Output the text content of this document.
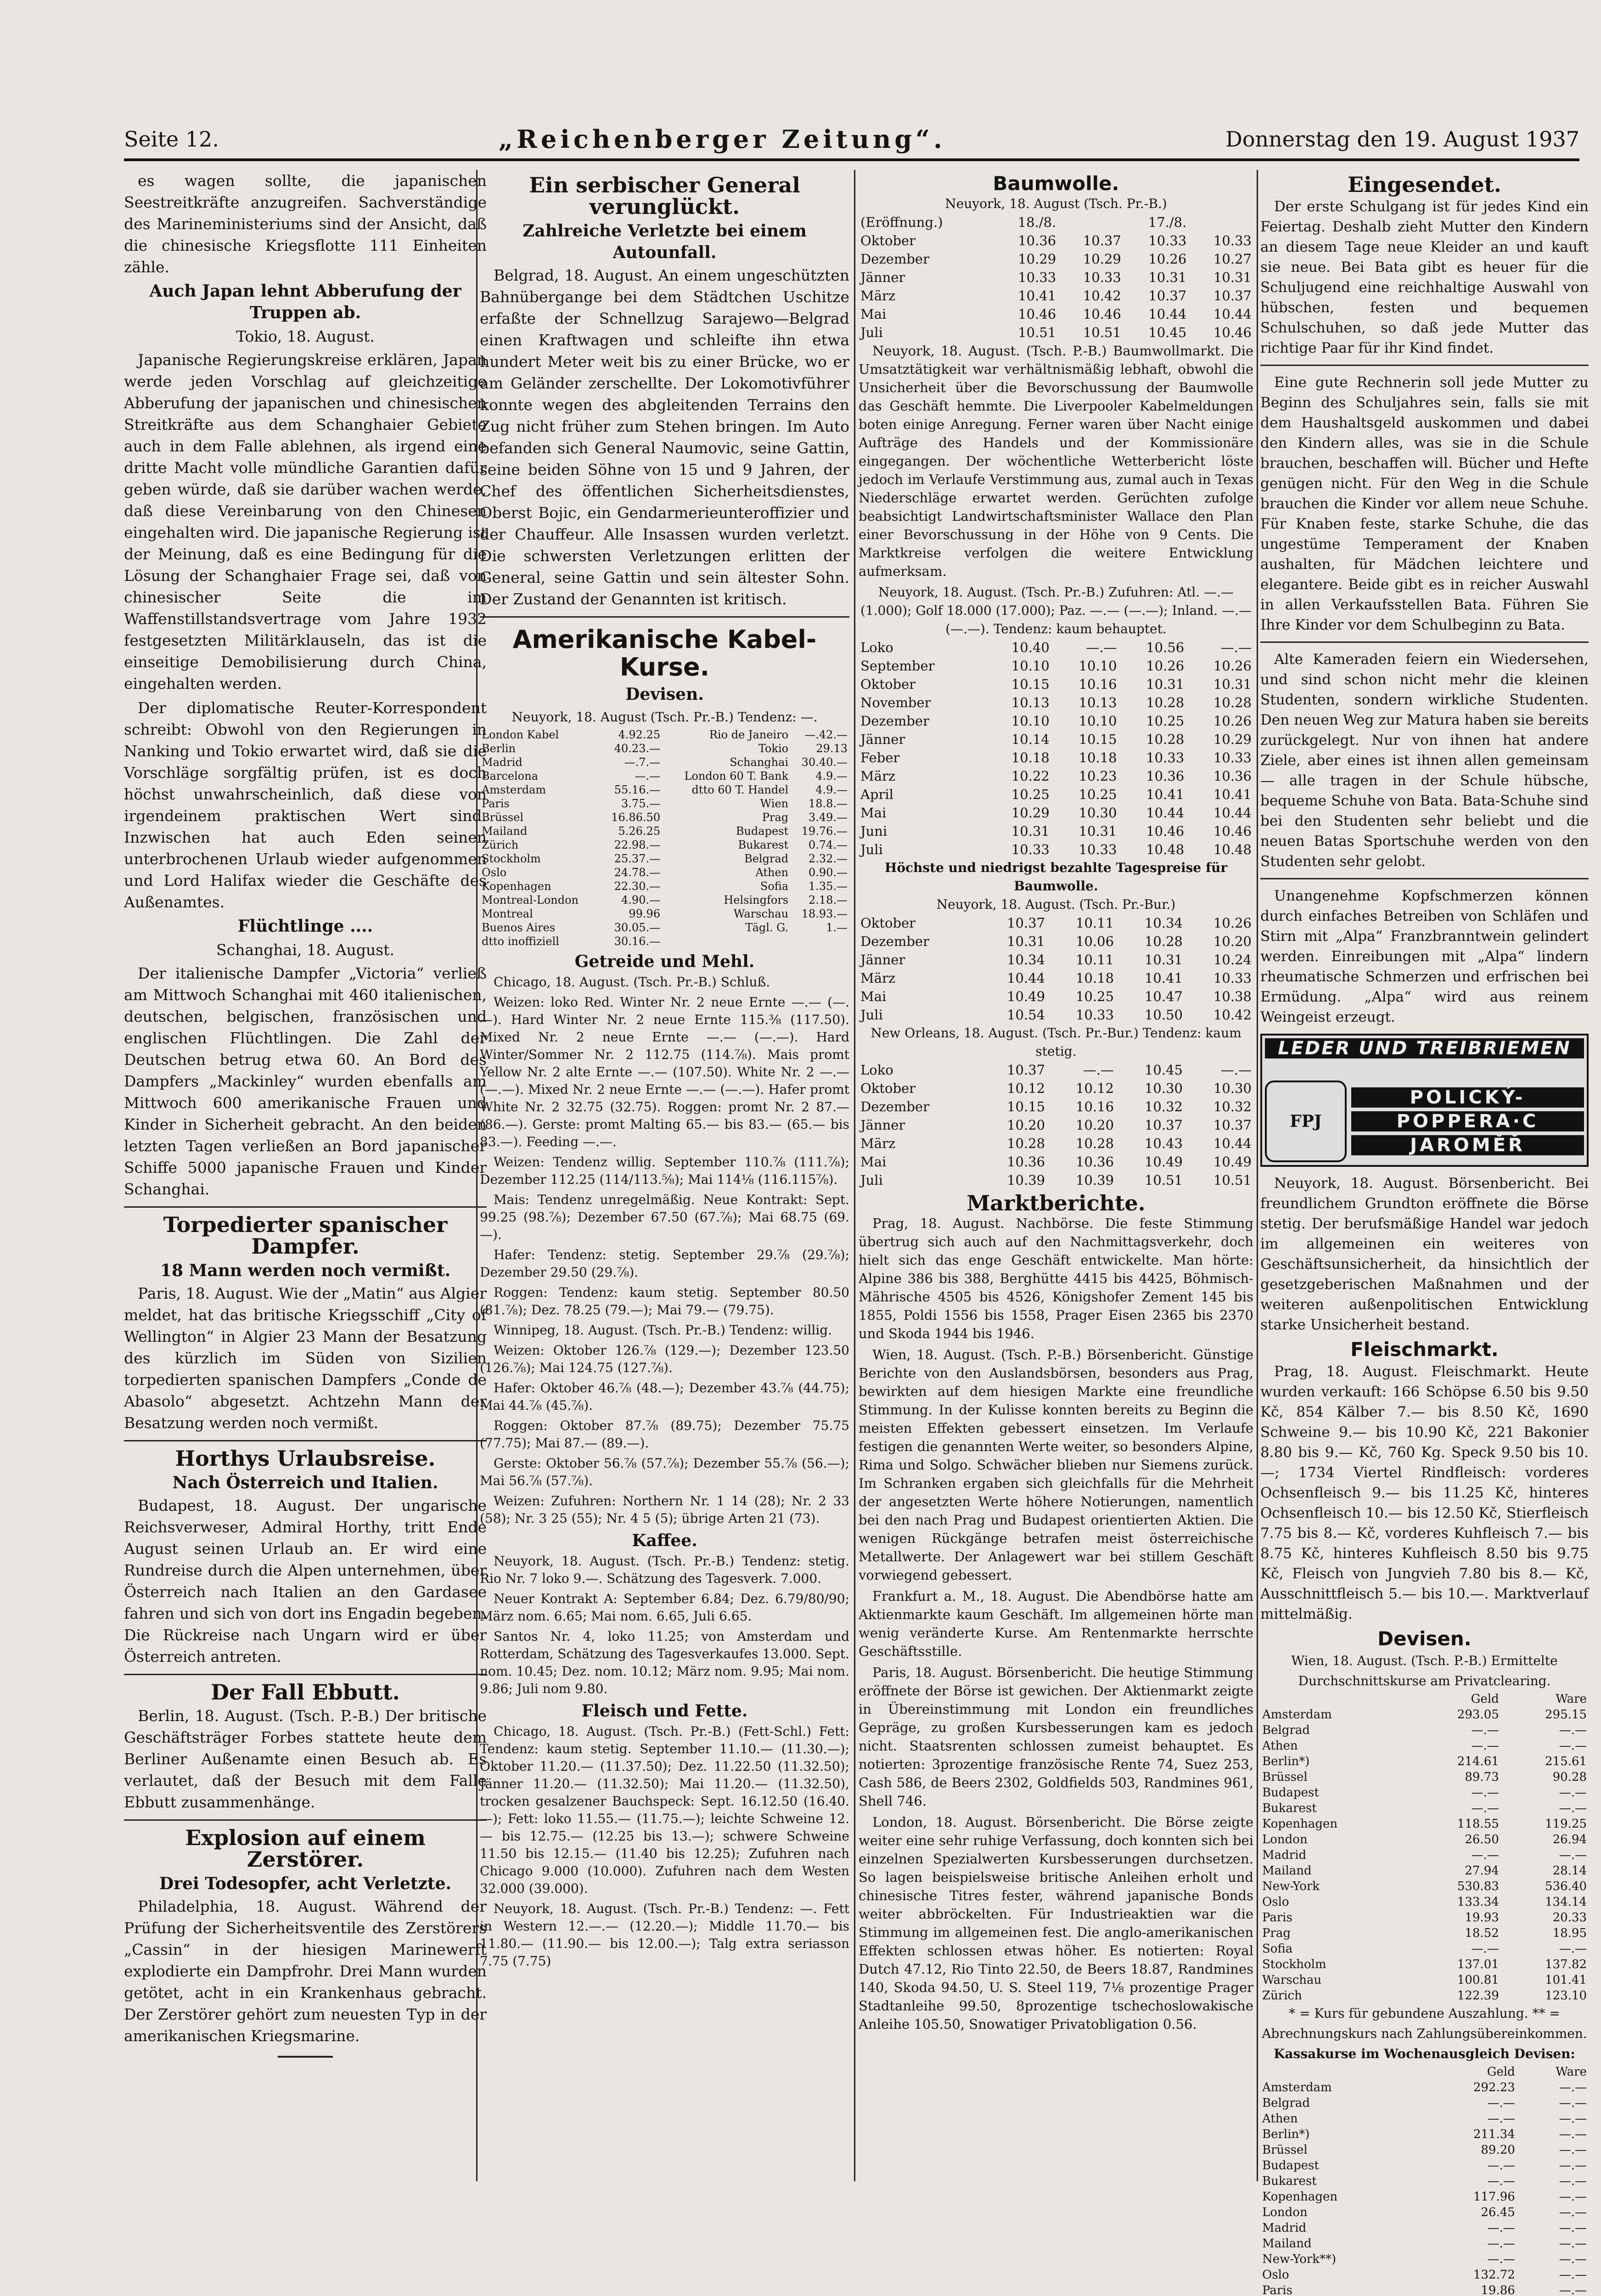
Seite 12.	„Reichenberger Zeitung“.	Donnerstag den 19. August 1937

es wagen sollte, die japanischen Seestreitkräfte anzugreifen. Sachverständige des Marineministeriums sind der Ansicht, daß die chinesische Kriegsflotte 111 Einheiten zähle.

Auch Japan lehnt Abberufung der Truppen ab.
Tokio, 18. August.

Japanische Regierungskreise erklären, Japan werde jeden Vorschlag auf gleichzeitige Abberufung der japanischen und chinesischen Streitkräfte aus dem Schanghaier Gebiete auch in dem Falle ablehnen, als irgend eine dritte Macht volle mündliche Garantien dafür geben würde, daß sie darüber wachen werde, daß diese Vereinbarung von den Chinesen eingehalten wird. Die japanische Regierung ist der Meinung, daß es eine Bedingung für die Lösung der Schanghaier Frage sei, daß von chinesischer Seite die im Waffenstillstandsvertrage vom Jahre 1932 festgesetzten Militärklauseln, das ist die einseitige Demobilisierung durch China, eingehalten werden.

Der diplomatische Reuter-Korrespondent schreibt: Obwohl von den Regierungen in Nanking und Tokio erwartet wird, daß sie die Vorschläge sorgfältig prüfen, ist es doch höchst unwahrscheinlich, daß diese von irgendeinem praktischen Wert sind. Inzwischen hat auch Eden seinen unterbrochenen Urlaub wieder aufgenommen und Lord Halifax wieder die Geschäfte des Außenamtes.

Flüchtlinge ....
Schanghai, 18. August.

Der italienische Dampfer „Victoria“ verließ am Mittwoch Schanghai mit 460 italienischen, deutschen, belgischen, französischen und englischen Flüchtlingen. Die Zahl der Deutschen betrug etwa 60. An Bord des Dampfers „Mackinley“ wurden ebenfalls am Mittwoch 600 amerikanische Frauen und Kinder in Sicherheit gebracht. An den beiden letzten Tagen verließen an Bord japanischer Schiffe 5000 japanische Frauen und Kinder Schanghai.

Torpedierter spanischer Dampfer.
18 Mann werden noch vermißt.

Paris, 18. August. Wie der „Matin“ aus Algier meldet, hat das britische Kriegsschiff „City of Wellington“ in Algier 23 Mann der Besatzung des kürzlich im Süden von Sizilien torpedierten spanischen Dampfers „Conde de Abasolo“ abgesetzt. Achtzehn Mann der Besatzung werden noch vermißt.

Horthys Urlaubsreise.
Nach Österreich und Italien.

Budapest, 18. August. Der ungarische Reichsverweser, Admiral Horthy, tritt Ende August seinen Urlaub an. Er wird eine Rundreise durch die Alpen unternehmen, über Österreich nach Italien an den Gardasee fahren und sich von dort ins Engadin begeben. Die Rückreise nach Ungarn wird er über Österreich antreten.

Der Fall Ebbutt.

Berlin, 18. August. (Tsch. P.-B.) Der britische Geschäftsträger Forbes stattete heute dem Berliner Außenamte einen Besuch ab. Es verlautet, daß der Besuch mit dem Falle Ebbutt zusammenhänge.

Explosion auf einem Zerstörer.
Drei Todesopfer, acht Verletzte.

Philadelphia, 18. August. Während der Prüfung der Sicherheitsventile des Zerstörers „Cassin“ in der hiesigen Marinewerft explodierte ein Dampfrohr. Drei Mann wurden getötet, acht in ein Krankenhaus gebracht. Der Zerstörer gehört zum neuesten Typ in der amerikanischen Kriegsmarine.

Ein serbischer General verunglückt.
Zahlreiche Verletzte bei einem Autounfall.

Belgrad, 18. August. An einem ungeschützten Bahnübergange bei dem Städtchen Uschitze erfaßte der Schnellzug Sarajewo—Belgrad einen Kraftwagen und schleifte ihn etwa hundert Meter weit bis zu einer Brücke, wo er am Geländer zerschellte. Der Lokomotivführer konnte wegen des abgleitenden Terrains den Zug nicht früher zum Stehen bringen. Im Auto befanden sich General Naumovic, seine Gattin, seine beiden Söhne von 15 und 9 Jahren, der Chef des öffentlichen Sicherheitsdienstes, Oberst Bojic, ein Gendarmerieunteroffizier und der Chauffeur. Alle Insassen wurden verletzt. Die schwersten Verletzungen erlitten der General, seine Gattin und sein ältester Sohn. Der Zustand der Genannten ist kritisch.

Amerikanische Kabel-Kurse.
Devisen.
Neuyork, 18. August (Tsch. Pr.-B.) Tendenz: —.
London Kabel	4.92.25	Rio de Janeiro	—.42.—
Berlin	40.23.—	Tokio	29.13
Madrid	—.7.—	Schanghai	30.40.—
Barcelona	—.—	London 60 T. Bank	4.9.—
Amsterdam	55.16.—	dtto 60 T. Handel	4.9.—
Paris	3.75.—	Wien	18.8.—
Brüssel	16.86.50	Prag	3.49.—
Mailand	5.26.25	Budapest	19.76.—
Zürich	22.98.—	Bukarest	0.74.—
Stockholm	25.37.—	Belgrad	2.32.—
Oslo	24.78.—	Athen	0.90.—
Kopenhagen	22.30.—	Sofia	1.35.—
Montreal-London	4.90.—	Helsingfors	2.18.—
Montreal	99.96	Warschau	18.93.—
Buenos Aires	30.05.—	Tägl. G.	1.—
dtto inoffiziell	30.16.—		
Getreide und Mehl.

Chicago, 18. August. (Tsch. Pr.-B.) Schluß.

Weizen: loko Red. Winter Nr. 2 neue Ernte —.— (—.—). Hard Winter Nr. 2 neue Ernte 115.⅜ (117.50). Mixed Nr. 2 neue Ernte —.— (—.—). Hard Winter/Sommer Nr. 2 112.75 (114.⅞). Mais promt Yellow Nr. 2 alte Ernte —.— (107.50). White Nr. 2 —.— (—.—). Mixed Nr. 2 neue Ernte —.— (—.—). Hafer promt White Nr. 2 32.75 (32.75). Roggen: promt Nr. 2 87.— (86.—). Gerste: promt Malting 65.— bis 83.— (65.— bis 83.—). Feeding —.—.

Weizen: Tendenz willig. September 110.⅞ (111.⅞); Dezember 112.25 (114/113.⅝); Mai 114⅛ (116.115⅞).

Mais: Tendenz unregelmäßig. Neue Kontrakt: Sept. 99.25 (98.⅞); Dezember 67.50 (67.⅞); Mai 68.75 (69.—).

Hafer: Tendenz: stetig. September 29.⅞ (29.⅞); Dezember 29.50 (29.⅞).

Roggen: Tendenz: kaum stetig. September 80.50 (81.⅞); Dez. 78.25 (79.—); Mai 79.— (79.75).

Winnipeg, 18. August. (Tsch. Pr.-B.) Tendenz: willig.

Weizen: Oktober 126.⅞ (129.—); Dezember 123.50 (126.⅞); Mai 124.75 (127.⅞).

Hafer: Oktober 46.⅞ (48.—); Dezember 43.⅞ (44.75); Mai 44.⅞ (45.⅞).

Roggen: Oktober 87.⅞ (89.75); Dezember 75.75 (77.75); Mai 87.— (89.—).

Gerste: Oktober 56.⅞ (57.⅞); Dezember 55.⅞ (56.—); Mai 56.⅞ (57.⅞).

Weizen: Zufuhren: Northern Nr. 1 14 (28); Nr. 2 33 (58); Nr. 3 25 (55); Nr. 4 5 (5); übrige Arten 21 (73).

Kaffee.

Neuyork, 18. August. (Tsch. Pr.-B.) Tendenz: stetig. Rio Nr. 7 loko 9.—. Schätzung des Tagesverk. 7.000.

Neuer Kontrakt A: September 6.84; Dez. 6.79/80/90; März nom. 6.65; Mai nom. 6.65, Juli 6.65.

Santos Nr. 4, loko 11.25; von Amsterdam und Rotterdam, Schätzung des Tagesverkaufes 13.000. Sept. nom. 10.45; Dez. nom. 10.12; März nom. 9.95; Mai nom. 9.86; Juli nom 9.80.

Fleisch und Fette.

Chicago, 18. August. (Tsch. Pr.-B.) (Fett-Schl.) Fett: Tendenz: kaum stetig. September 11.10.— (11.30.—); Oktober 11.20.— (11.37.50); Dez. 11.22.50 (11.32.50); Jänner 11.20.— (11.32.50); Mai 11.20.— (11.32.50), trocken gesalzener Bauchspeck: Sept. 16.12.50 (16.40.—); Fett: loko 11.55.— (11.75.—); leichte Schweine 12.— bis 12.75.— (12.25 bis 13.—); schwere Schweine 11.50 bis 12.15.— (11.40 bis 12.25); Zufuhren nach Chicago 9.000 (10.000). Zufuhren nach dem Westen 32.000 (39.000).

Neuyork, 18. August. (Tsch. Pr.-B.) Tendenz: —. Fett in Western 12.—.— (12.20.—); Middle 11.70.— bis 11.80.— (11.90.— bis 12.00.—); Talg extra seriasson 7.75 (7.75)

Baumwolle.
Neuyork, 18. August (Tsch. Pr.-B.)
(Eröffnung.)	18./8.		17./8.	
Oktober	10.36	10.37	10.33	10.33
Dezember	10.29	10.29	10.26	10.27
Jänner	10.33	10.33	10.31	10.31
März	10.41	10.42	10.37	10.37
Mai	10.46	10.46	10.44	10.44
Juli	10.51	10.51	10.45	10.46

Neuyork, 18. August. (Tsch. P.-B.) Baumwollmarkt. Die Umsatztätigkeit war verhältnismäßig lebhaft, obwohl die Unsicherheit über die Bevorschussung der Baumwolle das Geschäft hemmte. Die Liverpooler Kabelmeldungen boten einige Anregung. Ferner waren über Nacht einige Aufträge des Handels und der Kommissionäre eingegangen. Der wöchentliche Wetterbericht löste jedoch im Verlaufe Verstimmung aus, zumal auch in Texas Niederschläge erwartet werden. Gerüchten zufolge beabsichtigt Landwirtschaftsminister Wallace den Plan einer Bevorschussung in der Höhe von 9 Cents. Die Marktkreise verfolgen die weitere Entwicklung aufmerksam.

Neuyork, 18. August. (Tsch. Pr.-B.) Zufuhren: Atl. —.— (1.000); Golf 18.000 (17.000); Paz. —.— (—.—); Inland. —.— (—.—). Tendenz: kaum behauptet.
Loko	10.40	—.—	10.56	—.—
September	10.10	10.10	10.26	10.26
Oktober	10.15	10.16	10.31	10.31
November	10.13	10.13	10.28	10.28
Dezember	10.10	10.10	10.25	10.26
Jänner	10.14	10.15	10.28	10.29
Feber	10.18	10.18	10.33	10.33
März	10.22	10.23	10.36	10.36
April	10.25	10.25	10.41	10.41
Mai	10.29	10.30	10.44	10.44
Juni	10.31	10.31	10.46	10.46
Juli	10.33	10.33	10.48	10.48
Höchste und niedrigst bezahlte Tagespreise für Baumwolle.
Neuyork, 18. August. (Tsch. Pr.-Bur.)
Oktober	10.37	10.11	10.34	10.26
Dezember	10.31	10.06	10.28	10.20
Jänner	10.34	10.11	10.31	10.24
März	10.44	10.18	10.41	10.33
Mai	10.49	10.25	10.47	10.38
Juli	10.54	10.33	10.50	10.42
New Orleans, 18. August. (Tsch. Pr.-Bur.) Tendenz: kaum stetig.
Loko	10.37	—.—	10.45	—.—
Oktober	10.12	10.12	10.30	10.30
Dezember	10.15	10.16	10.32	10.32
Jänner	10.20	10.20	10.37	10.37
März	10.28	10.28	10.43	10.44
Mai	10.36	10.36	10.49	10.49
Juli	10.39	10.39	10.51	10.51
Marktberichte.

Prag, 18. August. Nachbörse. Die feste Stimmung übertrug sich auch auf den Nachmittagsverkehr, doch hielt sich das enge Geschäft entwickelte. Man hörte: Alpine 386 bis 388, Berghütte 4415 bis 4425, Böhmisch-Mährische 4505 bis 4526, Königshofer Zement 145 bis 1855, Poldi 1556 bis 1558, Prager Eisen 2365 bis 2370 und Skoda 1944 bis 1946.

Wien, 18. August. (Tsch. P.-B.) Börsenbericht. Günstige Berichte von den Auslandsbörsen, besonders aus Prag, bewirkten auf dem hiesigen Markte eine freundliche Stimmung. In der Kulisse konnten bereits zu Beginn die meisten Effekten gebessert einsetzen. Im Verlaufe festigen die genannten Werte weiter, so besonders Alpine, Rima und Solgo. Schwächer blieben nur Siemens zurück. Im Schranken ergaben sich gleichfalls für die Mehrheit der angesetzten Werte höhere Notierungen, namentlich bei den nach Prag und Budapest orientierten Aktien. Die wenigen Rückgänge betrafen meist österreichische Metallwerte. Der Anlagewert war bei stillem Geschäft vorwiegend gebessert.

Frankfurt a. M., 18. August. Die Abendbörse hatte am Aktienmarkte kaum Geschäft. Im allgemeinen hörte man wenig veränderte Kurse. Am Rentenmarkte herrschte Geschäftsstille.

Paris, 18. August. Börsenbericht. Die heutige Stimmung eröffnete der Börse ist gewichen. Der Aktienmarkt zeigte in Übereinstimmung mit London ein freundliches Gepräge, zu großen Kursbesserungen kam es jedoch nicht. Staatsrenten schlossen zumeist behauptet. Es notierten: 3prozentige französische Rente 74, Suez 253, Cash 586, de Beers 2302, Goldfields 503, Randmines 961, Shell 746.

London, 18. August. Börsenbericht. Die Börse zeigte weiter eine sehr ruhige Verfassung, doch konnten sich bei einzelnen Spezialwerten Kursbesserungen durchsetzen. So lagen beispielsweise britische Anleihen erholt und chinesische Titres fester, während japanische Bonds weiter abbröckelten. Für Industrieaktien war die Stimmung im allgemeinen fest. Die anglo-amerikanischen Effekten schlossen etwas höher. Es notierten: Royal Dutch 47.12, Rio Tinto 22.50, de Beers 18.87, Randmines 140, Skoda 94.50, U. S. Steel 119, 7⅛ prozentige Prager Stadtanleihe 99.50, 8prozentige tschechoslowakische Anleihe 105.50, Snowatiger Privatobligation 0.56.

Eingesendet.

Der erste Schulgang ist für jedes Kind ein Feiertag. Deshalb zieht Mutter den Kindern an diesem Tage neue Kleider an und kauft sie neue. Bei Bata gibt es heuer für die Schuljugend eine reichhaltige Auswahl von hübschen, festen und bequemen Schulschuhen, so daß jede Mutter das richtige Paar für ihr Kind findet.

Eine gute Rechnerin soll jede Mutter zu Beginn des Schuljahres sein, falls sie mit dem Haushaltsgeld auskommen und dabei den Kindern alles, was sie in die Schule brauchen, beschaffen will. Bücher und Hefte genügen nicht. Für den Weg in die Schule brauchen die Kinder vor allem neue Schuhe. Für Knaben feste, starke Schuhe, die das ungestüme Temperament der Knaben aushalten, für Mädchen leichtere und elegantere. Beide gibt es in reicher Auswahl in allen Verkaufsstellen Bata. Führen Sie Ihre Kinder vor dem Schulbeginn zu Bata.

Alte Kameraden feiern ein Wiedersehen, und sind schon nicht mehr die kleinen Studenten, sondern wirkliche Studenten. Den neuen Weg zur Matura haben sie bereits zurückgelegt. Nur von ihnen hat andere Ziele, aber eines ist ihnen allen gemeinsam — alle tragen in der Schule hübsche, bequeme Schuhe von Bata. Bata-Schuhe sind bei den Studenten sehr beliebt und die neuen Batas Sportschuhe werden von den Studenten sehr gelobt.

Unangenehme Kopfschmerzen können durch einfaches Betreiben von Schläfen und Stirn mit „Alpa“ Franzbranntwein gelindert werden. Einreibungen mit „Alpa“ lindern rheumatische Schmerzen und erfrischen bei Ermüdung. „Alpa“ wird aus reinem Weingeist erzeugt.

LEDER UND TREIBRIEMEN
FPJ
POLICKÝ-
POPPERA·C
JAROMĚŘ

Neuyork, 18. August. Börsenbericht. Bei freundlichem Grundton eröffnete die Börse stetig. Der berufsmäßige Handel war jedoch im allgemeinen ein weiteres von Geschäftsunsicherheit, da hinsichtlich der gesetzgeberischen Maßnahmen und der weiteren außenpolitischen Entwicklung starke Unsicherheit bestand.

Fleischmarkt.

Prag, 18. August. Fleischmarkt. Heute wurden verkauft: 166 Schöpse 6.50 bis 9.50 Kč, 854 Kälber 7.— bis 8.50 Kč, 1690 Schweine 9.— bis 10.90 Kč, 221 Bakonier 8.80 bis 9.— Kč, 760 Kg. Speck 9.50 bis 10.—; 1734 Viertel Rindfleisch: vorderes Ochsenfleisch 9.— bis 11.25 Kč, hinteres Ochsenfleisch 10.— bis 12.50 Kč, Stierfleisch 7.75 bis 8.— Kč, vorderes Kuhfleisch 7.— bis 8.75 Kč, hinteres Kuhfleisch 8.50 bis 9.75 Kč, Fleisch von Jungvieh 7.80 bis 8.— Kč, Ausschnittfleisch 5.— bis 10.—. Marktverlauf mittelmäßig.

Devisen.
Wien, 18. August. (Tsch. P.-B.) Ermittelte Durchschnittskurse am Privatclearing.
	Geld	Ware
Amsterdam	293.05	295.15
Belgrad	—.—	—.—
Athen	—.—	—.—
Berlin*)	214.61	215.61
Brüssel	89.73	90.28
Budapest	—.—	—.—
Bukarest	—.—	—.—
Kopenhagen	118.55	119.25
London	26.50	26.94
Madrid	—.—	—.—
Mailand	27.94	28.14
New-York	530.83	536.40
Oslo	133.34	134.14
Paris	19.93	20.33
Prag	18.52	18.95
Sofia	—.—	—.—
Stockholm	137.01	137.82
Warschau	100.81	101.41
Zürich	122.39	123.10
* = Kurs für gebundene Auszahlung. ** = Abrechnungskurs nach Zahlungsübereinkommen.
Kassakurse im Wochenausgleich Devisen:
	Geld	Ware
Amsterdam	292.23	—.—
Belgrad	—.—	—.—
Athen	—.—	—.—
Berlin*)	211.34	—.—
Brüssel	89.20	—.—
Budapest	—.—	—.—
Bukarest	—.—	—.—
Kopenhagen	117.96	—.—
London	26.45	—.—
Madrid	—.—	—.—
Mailand	—.—	—.—
New-York**)	—.—	—.—
Oslo	132.72	—.—
Paris	19.86	—.—
